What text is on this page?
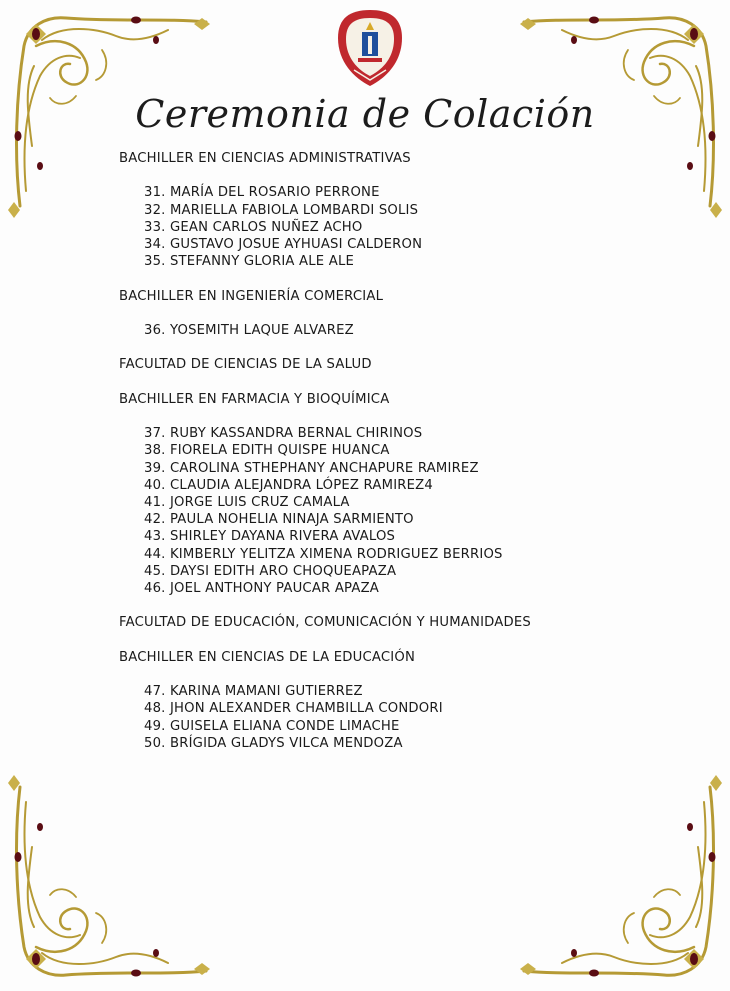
Ceremonia de Colación
BACHILLER EN CIENCIAS ADMINISTRATIVAS
31. MARÍA DEL ROSARIO PERRONE
32. MARIELLA FABIOLA LOMBARDI SOLIS
33. GEAN CARLOS NUÑEZ ACHO
34. GUSTAVO JOSUE AYHUASI CALDERON
35. STEFANNY GLORIA ALE ALE
BACHILLER EN INGENIERÍA COMERCIAL
36. YOSEMITH LAQUE ALVAREZ
FACULTAD DE CIENCIAS DE LA SALUD
BACHILLER EN FARMACIA Y BIOQUÍMICA
37. RUBY KASSANDRA BERNAL CHIRINOS
38. FIORELA EDITH QUISPE HUANCA
39. CAROLINA STHEPHANY ANCHAPURE RAMIREZ
40. CLAUDIA ALEJANDRA LÓPEZ RAMIREZ4
41. JORGE LUIS CRUZ CAMALA
42. PAULA NOHELIA NINAJA SARMIENTO
43. SHIRLEY DAYANA RIVERA AVALOS
44. KIMBERLY YELITZA XIMENA RODRIGUEZ BERRIOS
45. DAYSI EDITH ARO CHOQUEAPAZA
46. JOEL ANTHONY PAUCAR APAZA
FACULTAD DE EDUCACIÓN, COMUNICACIÓN Y HUMANIDADES
BACHILLER EN CIENCIAS DE LA EDUCACIÓN
47. KARINA MAMANI GUTIERREZ
48. JHON ALEXANDER CHAMBILLA CONDORI
49. GUISELA ELIANA CONDE LIMACHE
50. BRÍGIDA GLADYS VILCA MENDOZA
